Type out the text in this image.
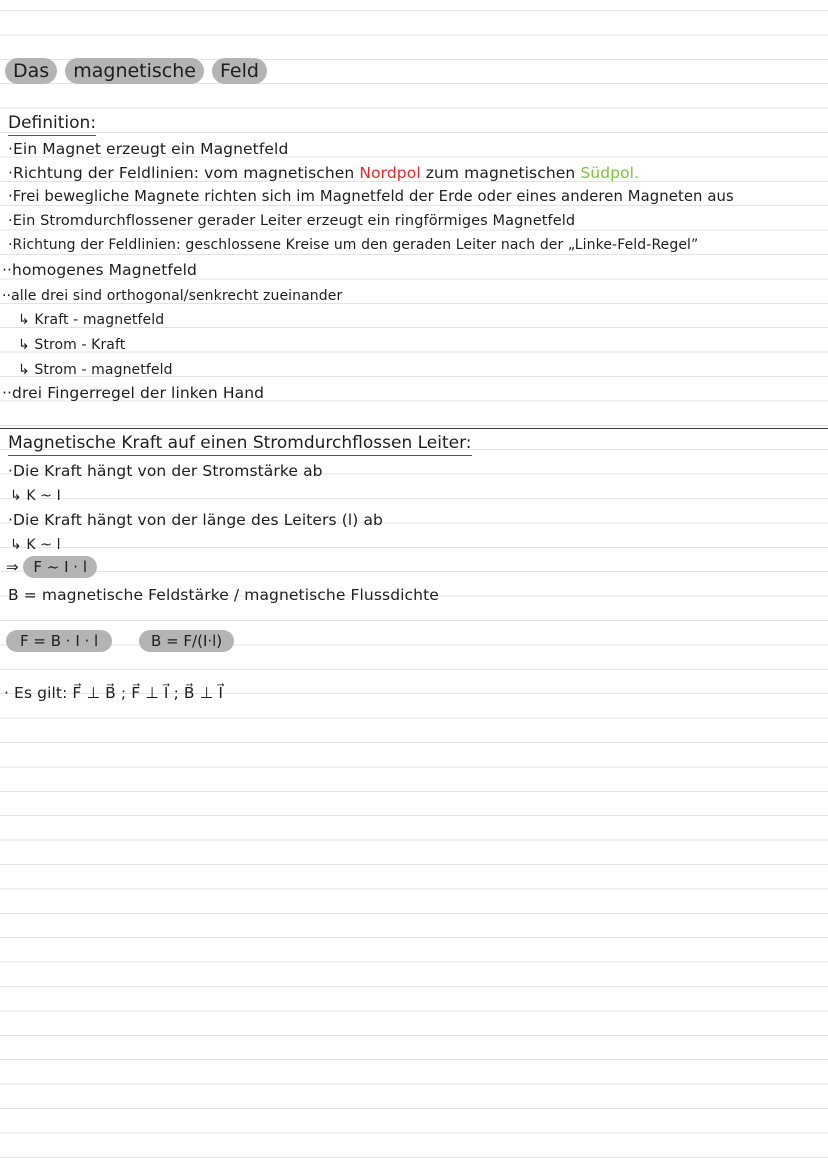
Das magnetische Feld
Definition:
·Ein Magnet erzeugt ein Magnetfeld
·Richtung der Feldlinien: vom magnetischen Nordpol zum magnetischen Südpol.
·Frei bewegliche Magnete richten sich im Magnetfeld der Erde oder eines anderen Magneten aus
·Ein Stromdurchflossener gerader Leiter erzeugt ein ringförmiges Magnetfeld
·Richtung der Feldlinien: geschlossene Kreise um den geraden Leiter nach der „Linke-Feld-Regel”
··homogenes Magnetfeld
··alle drei sind orthogonal/senkrecht zueinander
↳ Kraft - magnetfeld
↳ Strom - Kraft
↳ Strom - magnetfeld
··drei Fingerregel der linken Hand
Magnetische Kraft auf einen Stromdurchflossen Leiter:
·Die Kraft hängt von der Stromstärke ab
↳ K ~ I
·Die Kraft hängt von der länge des Leiters (l) ab
↳ K ~ l
⇒ F ~ I · l
B = magnetische Feldstärke / magnetische Flussdichte
F = B · I · l	B = F/(I·l)
· Es gilt: F⃗ ⊥ B⃗ ; F⃗ ⊥ I⃗ ; B⃗ ⊥ I⃗
